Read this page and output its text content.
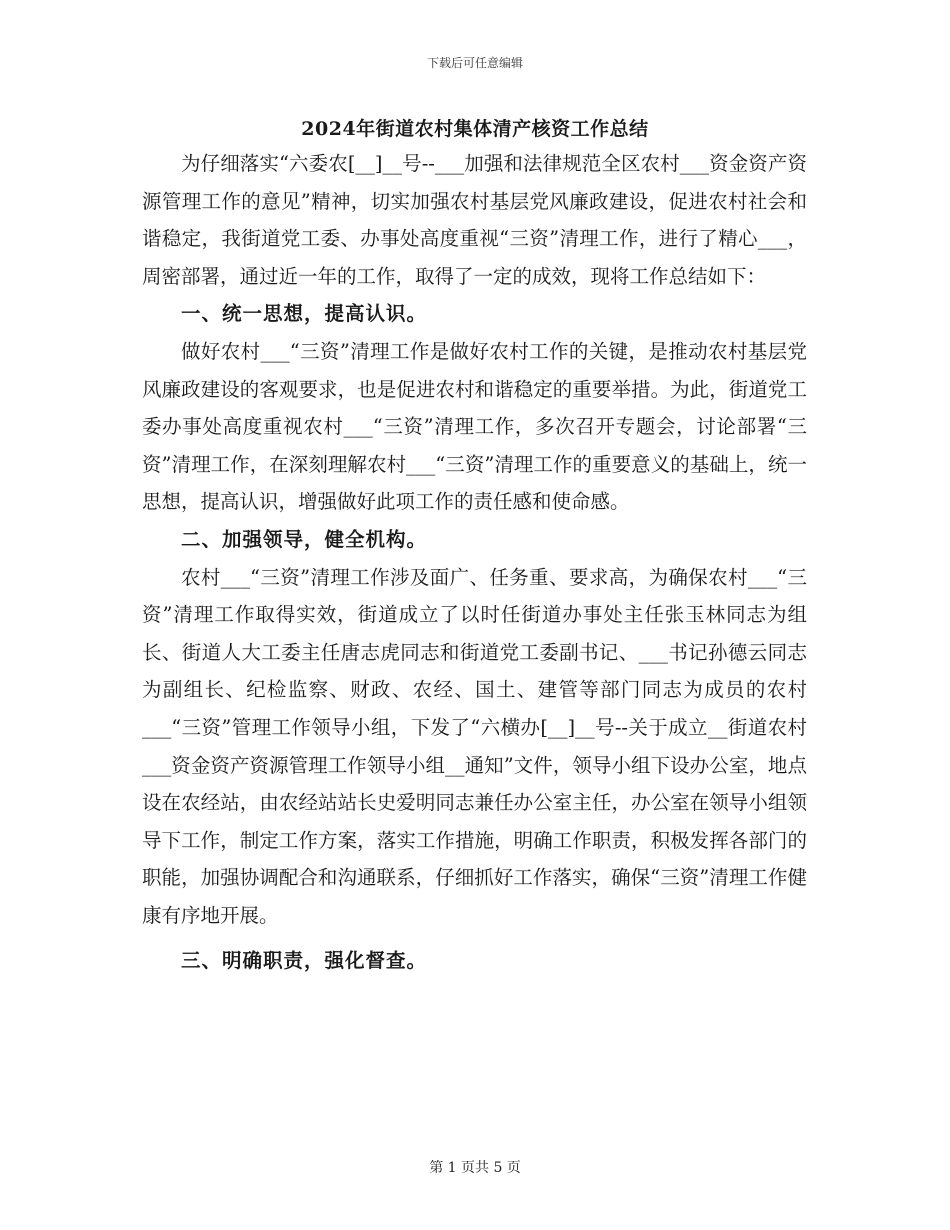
下载后可任意编辑
2024年街道农村集体清产核资工作总结

为仔细落实“六委农[__]__号--___加强和法律规范全区农村___资金资产资源管理工作的意见”精神，切实加强农村基层党风廉政建设，促进农村社会和谐稳定，我街道党工委、办事处高度重视“三资”清理工作，进行了精心___，周密部署，通过近一年的工作，取得了一定的成效，现将工作总结如下：

一、统一思想，提高认识。

做好农村___“三资”清理工作是做好农村工作的关键，是推动农村基层党风廉政建设的客观要求，也是促进农村和谐稳定的重要举措。为此，街道党工委办事处高度重视农村___“三资”清理工作，多次召开专题会，讨论部署“三资”清理工作，在深刻理解农村___“三资”清理工作的重要意义的基础上，统一思想，提高认识，增强做好此项工作的责任感和使命感。

二、加强领导，健全机构。

农村___“三资”清理工作涉及面广、任务重、要求高，为确保农村___“三资”清理工作取得实效，街道成立了以时任街道办事处主任张玉林同志为组长、街道人大工委主任唐志虎同志和街道党工委副书记、___书记孙德云同志为副组长、纪检监察、财政、农经、国土、建管等部门同志为成员的农村___“三资”管理工作领导小组，下发了“六横办[__]__号--关于成立__街道农村___资金资产资源管理工作领导小组__通知”文件，领导小组下设办公室，地点设在农经站，由农经站站长史爱明同志兼任办公室主任，办公室在领导小组领导下工作，制定工作方案，落实工作措施，明确工作职责，积极发挥各部门的职能，加强协调配合和沟通联系，仔细抓好工作落实，确保“三资”清理工作健康有序地开展。

三、明确职责，强化督查。

第 1 页共 5 页
